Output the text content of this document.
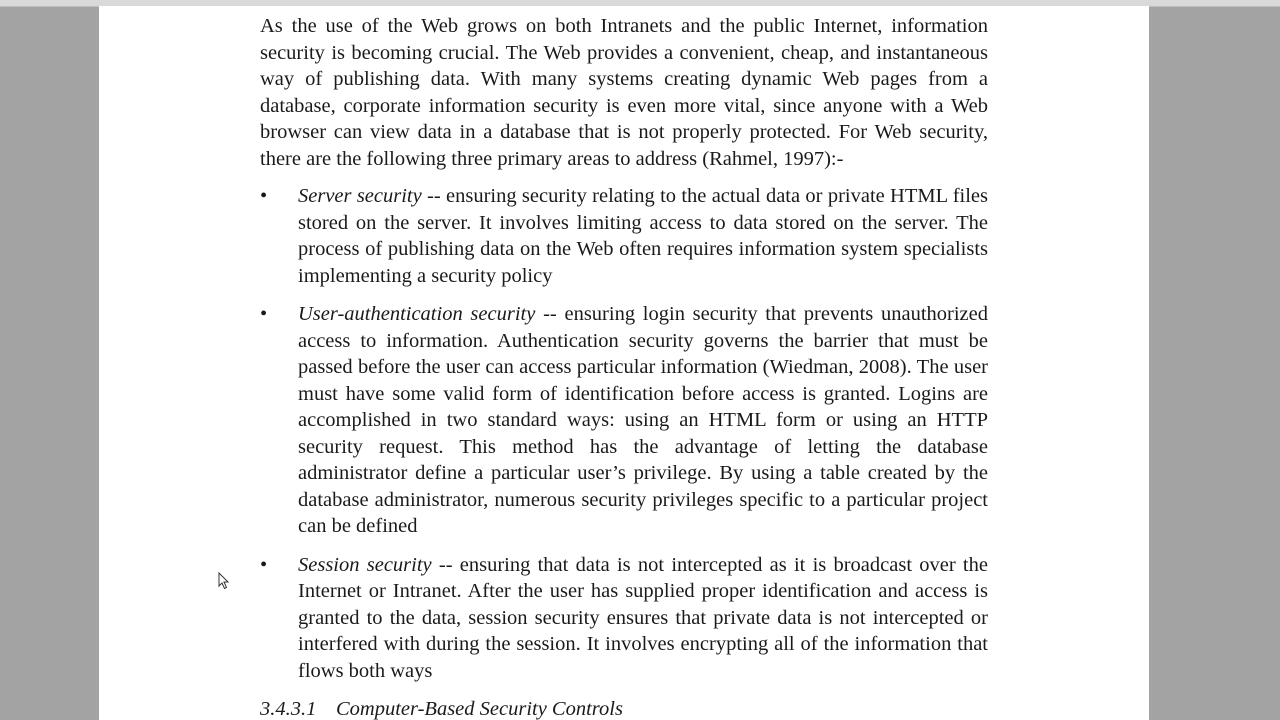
As the use of the Web grows on both Intranets and the public Internet, information security is becoming crucial. The Web provides a convenient, cheap, and instantaneous way of publishing data. With many systems creating dynamic Web pages from a database, corporate information security is even more vital, since anyone with a Web browser can view data in a database that is not properly protected. For Web security, there are the following three primary areas to address (Rahmel, 1997):-

• Server security -- ensuring security relating to the actual data or private HTML files stored on the server. It involves limiting access to data stored on the server. The process of publishing data on the Web often requires information system specialists implementing a security policy
• User-authentication security -- ensuring login security that prevents unauthorized access to information. Authentication security governs the barrier that must be passed before the user can access particular information (Wiedman, 2008). The user must have some valid form of identification before access is granted. Logins are accomplished in two standard ways: using an HTML form or using an HTTP security request. This method has the advantage of letting the database administrator define a particular user’s privilege. By using a table created by the database administrator, numerous security privileges specific to a particular project can be defined
• Session security -- ensuring that data is not intercepted as it is broadcast over the Internet or Intranet. After the user has supplied proper identification and access is granted to the data, session security ensures that private data is not intercepted or interfered with during the session. It involves encrypting all of the information that flows both ways
3.4.3.1 Computer-Based Security Controls
